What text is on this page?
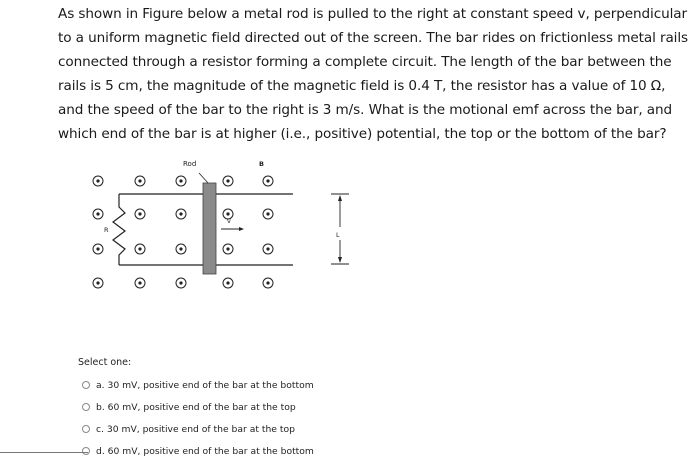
As shown in Figure below a metal rod is pulled to the right at constant speed v, perpendicular to a uniform magnetic field directed out of the screen. The bar rides on frictionless metal rails connected through a resistor forming a complete circuit. The length of the bar between the rails is 5 cm, the magnitude of the magnetic field is 0.4 T, the resistor has a value of 10 Ω, and the speed of the bar to the right is 3 m/s. What is the motional emf across the bar, and which end of the bar is at higher (i.e., positive) potential, the top or the bottom of the bar?
Rod	B
v
R
L
Select one:
a. 30 mV, positive end of the bar at the bottom
b. 60 mV, positive end of the bar at the top
c. 30 mV, positive end of the bar at the top
d. 60 mV, positive end of the bar at the bottom
